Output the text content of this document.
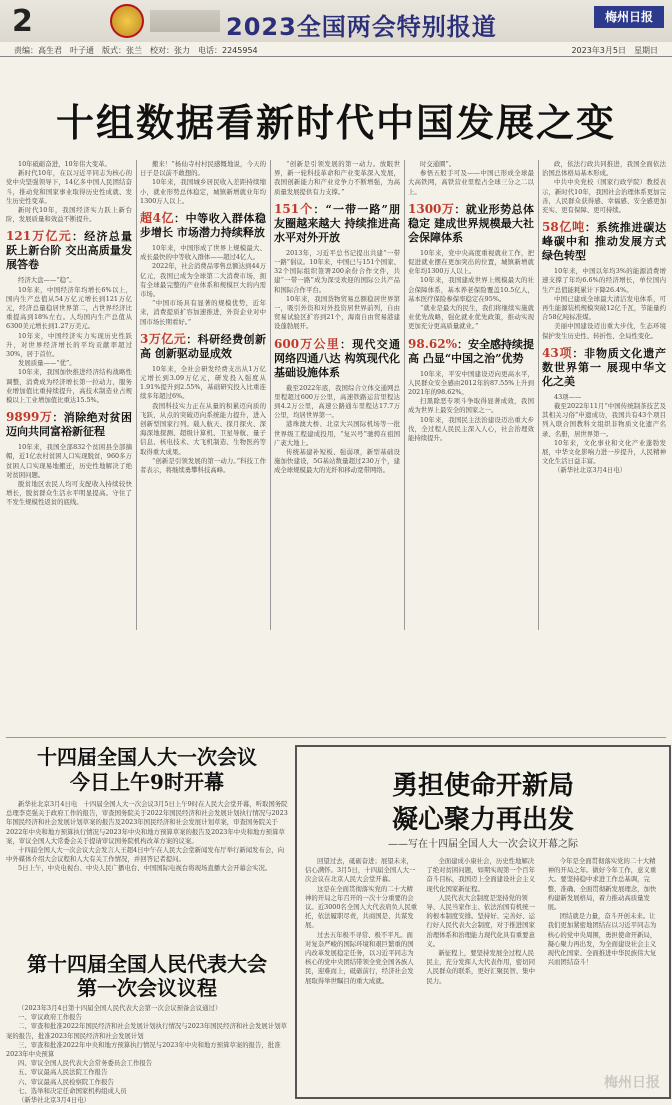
2	2023全国两会特别报道	梅州日报
责编：高生君　叶子通　版式：张兰　校对：张力　电话：2245954	2023年3月5日　星期日
十组数据看新时代中国发展之变

10年砥砺奋进，10年伟大变革。

新时代10年，在以习近平同志为核心的党中央坚强领导下，14亿多中国人民团结奋斗，推动党和国家事业取得历史性成就、发生历史性变革。

新时代10年，我国经济实力跃上新台阶，发展质量和效益不断提升。

121万亿元：经济总量跃上新台阶 交出高质量发展答卷

经济大盘——“稳”。

10年来，中国经济年均增长6%以上，国内生产总值从54万亿元增长到121万亿元，经济总量稳居世界第二，占世界经济比重提高到18%左右。人均国内生产总值从6300美元增长到1.27万美元。

10年来，中国经济实力实现历史性跃升，对世界经济增长的平均贡献率超过30%，居于首位。

发展质量——“优”。

10年来，我国加快推进经济结构战略性调整，消费成为经济增长第一拉动力，服务业增加值比重持续提升，高技术制造业占规模以上工业增加值比重达15.5%。

9899万：消除绝对贫困 迈向共同富裕新征程

10年来，我国全部832个贫困县全部摘帽，近1亿农村贫困人口实现脱贫，960多万贫困人口实现易地搬迁，历史性地解决了绝对贫困问题。

脱贫地区农民人均可支配收入持续较快增长，脱贫群众生活水平明显提高。守住了不发生规模性返贫的底线。

搬来！”杨仙寺村村民感慨地说，今天的日子是以前不敢想的。

10年来，我国城乡居民收入差距持续缩小，就业形势总体稳定，城镇新增就业年均1300万人以上。

超4亿：中等收入群体稳步增长 市场潜力持续释放

10年来，中国形成了世界上规模最大、成长最快的中等收入群体——超过4亿人。

2022年，社会消费品零售总额达到44万亿元，我国已成为全球第二大消费市场，拥有全球最完整的产业体系和规模巨大的内需市场。

“中国市场具有显著的规模优势，近年来，消费提质扩容加速推进，外资企业对中国市场长期看好。”

3万亿元：科研经费创新高 创新驱动显成效

10年来，全社会研发经费支出从1万亿元增长到3.09万亿元，研发投入强度从1.91%提升到2.55%，基础研究投入比重连续多年超过6%。

我国科技实力正在从量的积累迈向质的飞跃，从点的突破迈向系统能力提升，进入创新型国家行列。载人航天、探月探火、深海深地探测、超级计算机、卫星导航、量子信息、核电技术、大飞机制造、生物医药等取得重大成果。

“创新是引领发展的第一动力。”科技工作者表示，将继续勇攀科技高峰。

“创新是引领发展的第一动力。放眼世界，新一轮科技革命和产业变革深入发展，我国创新能力和产业竞争力不断增强，为高质量发展提供有力支撑。”

151个：“一带一路”朋友圈越来越大 持续推进高水平对外开放

2013年，习近平总书记提出共建“一带一路”倡议。10年来，中国已与151个国家、32个国际组织签署200余份合作文件，共建“一带一路”成为深受欢迎的国际公共产品和国际合作平台。

10年来，我国货物贸易总额稳居世界第一，吸引外资和对外投资居世界前列，自由贸易试验区扩容到21个，海南自由贸易港建设蓬勃展开。

600万公里：现代交通网络四通八达 构筑现代化基础设施体系

截至2022年底，我国综合立体交通网总里程超过600万公里，高速铁路运营里程达到4.2万公里，高速公路通车里程达17.7万公里，均居世界第一。

港珠澳大桥、北京大兴国际机场等一批世界级工程建成投用，“复兴号”驰骋在祖国广袤大地上。

传统基建补短板、强弱项，新型基础设施加快建设，5G基站数量超过230万个，建成全球规模最大的光纤和移动宽带网络。

时交通圈”。

参悟五般手可及——中国已形成全球最大高铁网，高铁营业里程占全球三分之二以上。

1300万：就业形势总体稳定 建成世界规模最大社会保障体系

10年来，党中央高度重视就业工作，把促进就业摆在更加突出的位置，城镇新增就业年均1300万人以上。

10年来，我国建成世界上规模最大的社会保障体系，基本养老保险覆盖10.5亿人，基本医疗保险参保率稳定在95%。

“就业是最大的民生，我们将继续实施就业优先战略，强化就业优先政策，推动实现更加充分更高质量就业。”

98.62%：安全感持续提高 凸显“中国之治”优势

10年来，平安中国建设迈向更高水平，人民群众安全感由2012年的87.55%上升到2021年的98.62%。

扫黑除恶专项斗争取得显著成效，我国成为世界上最安全的国家之一。

10年来，我国民主法治建设迈出重大步伐，全过程人民民主深入人心，社会治理效能持续提升。

政，依法行政共同推进，我国全面依法治国总体格局基本形成。

中共中央党校（国家行政学院）教授表示，新时代10年，我国社会治理体系更加完善，人民群众获得感、幸福感、安全感更加充实、更有保障、更可持续。

58亿吨：系统推进碳达峰碳中和 推动发展方式绿色转型

10年来，中国以年均3%的能源消费增速支撑了年均6.6%的经济增长，单位国内生产总值能耗累计下降26.4%。

中国已建成全球最大清洁发电体系，可再生能源装机规模突破12亿千瓦，节能量约合58亿吨标准煤。

美丽中国建设迈出重大步伐，生态环境保护发生历史性、转折性、全局性变化。

43项：非物质文化遗产数世界第一 展现中华文化之美

43项——

截至2022年11月“中国传统制茶技艺及其相关习俗”申遗成功，我国共有43个项目列入联合国教科文组织非物质文化遗产名录、名册，居世界第一。

10年来，文化事业和文化产业蓬勃发展，中华文化影响力进一步提升，人民精神文化生活日益丰富。

（新华社北京3月4日电）

十四届全国人大一次会议
今日上午9时开幕

新华社北京3月4日电　十四届全国人大一次会议3月5日上午9时在人民大会堂开幕，听取国务院总理李克强关于政府工作的报告，审查国务院关于2022年国民经济和社会发展计划执行情况与2023年国民经济和社会发展计划草案的报告及2023年国民经济和社会发展计划草案，审查国务院关于2022年中央和地方预算执行情况与2023年中央和地方预算草案的报告及2023年中央和地方预算草案，审议全国人大常委会关于提请审议国务院机构改革方案的议案。

十四届全国人大一次会议大会发言人王超4日中午在人民大会堂新闻发布厅举行新闻发布会，向中外媒体介绍大会议程和人大有关工作情况，并回答记者提问。

5日上午，中央电视台、中央人民广播电台、中国国际电视台将现场直播大会开幕会实况。

第十四届全国人民代表大会
第一次会议议程

（2023年3月4日第十四届全国人民代表大会第一次会议预备会议通过）

一、审议政府工作报告

二、审查和批准2022年国民经济和社会发展计划执行情况与2023年国民经济和社会发展计划草案的报告，批准2023年国民经济和社会发展计划

三、审查和批准2022年中央和地方预算执行情况与2023年中央和地方预算草案的报告，批准2023年中央预算

四、审议全国人民代表大会常务委员会工作报告

五、审议最高人民法院工作报告

六、审议最高人民检察院工作报告

七、选举和决定任命国家机构组成人员

（新华社北京3月4日电）

勇担使命开新局
凝心聚力再出发
——写在十四届全国人大一次会议开幕之际

回望过去，砥砺奋进；展望未来，信心满怀。3月5日，十四届全国人大一次会议在北京人民大会堂开幕。

这是在全面贯彻落实党的二十大精神的开局之年召开的一次十分重要的会议。近3000名全国人大代表肩负人民重托，依法履职尽责，共商国是、共谋发展。

过去五年极不寻常、极不平凡。面对复杂严峻的国际环境和艰巨繁重的国内改革发展稳定任务，以习近平同志为核心的党中央团结带领全党全国各族人民，迎难而上，砥砺前行，经济社会发展取得举世瞩目的重大成就。

全面建成小康社会，历史性地解决了绝对贫困问题，如期实现第一个百年奋斗目标，我国迈上全面建设社会主义现代化国家新征程。

人民代表大会制度是坚持党的领导、人民当家作主、依法治国有机统一的根本制度安排。坚持好、完善好、运行好人民代表大会制度，对于推进国家治理体系和治理能力现代化具有重要意义。

新征程上，要坚持发展全过程人民民主，充分发挥人大代表作用，密切同人民群众的联系，更好汇聚民智、集中民力。

今年是全面贯彻落实党的二十大精神的开局之年。做好今年工作，意义重大。要坚持稳中求进工作总基调，完整、准确、全面贯彻新发展理念，加快构建新发展格局，着力推动高质量发展。

团结就是力量，奋斗开创未来。让我们更加紧密地团结在以习近平同志为核心的党中央周围，勇担使命开新局，凝心聚力再出发，为全面建设社会主义现代化国家、全面推进中华民族伟大复兴而团结奋斗！

梅州日报
